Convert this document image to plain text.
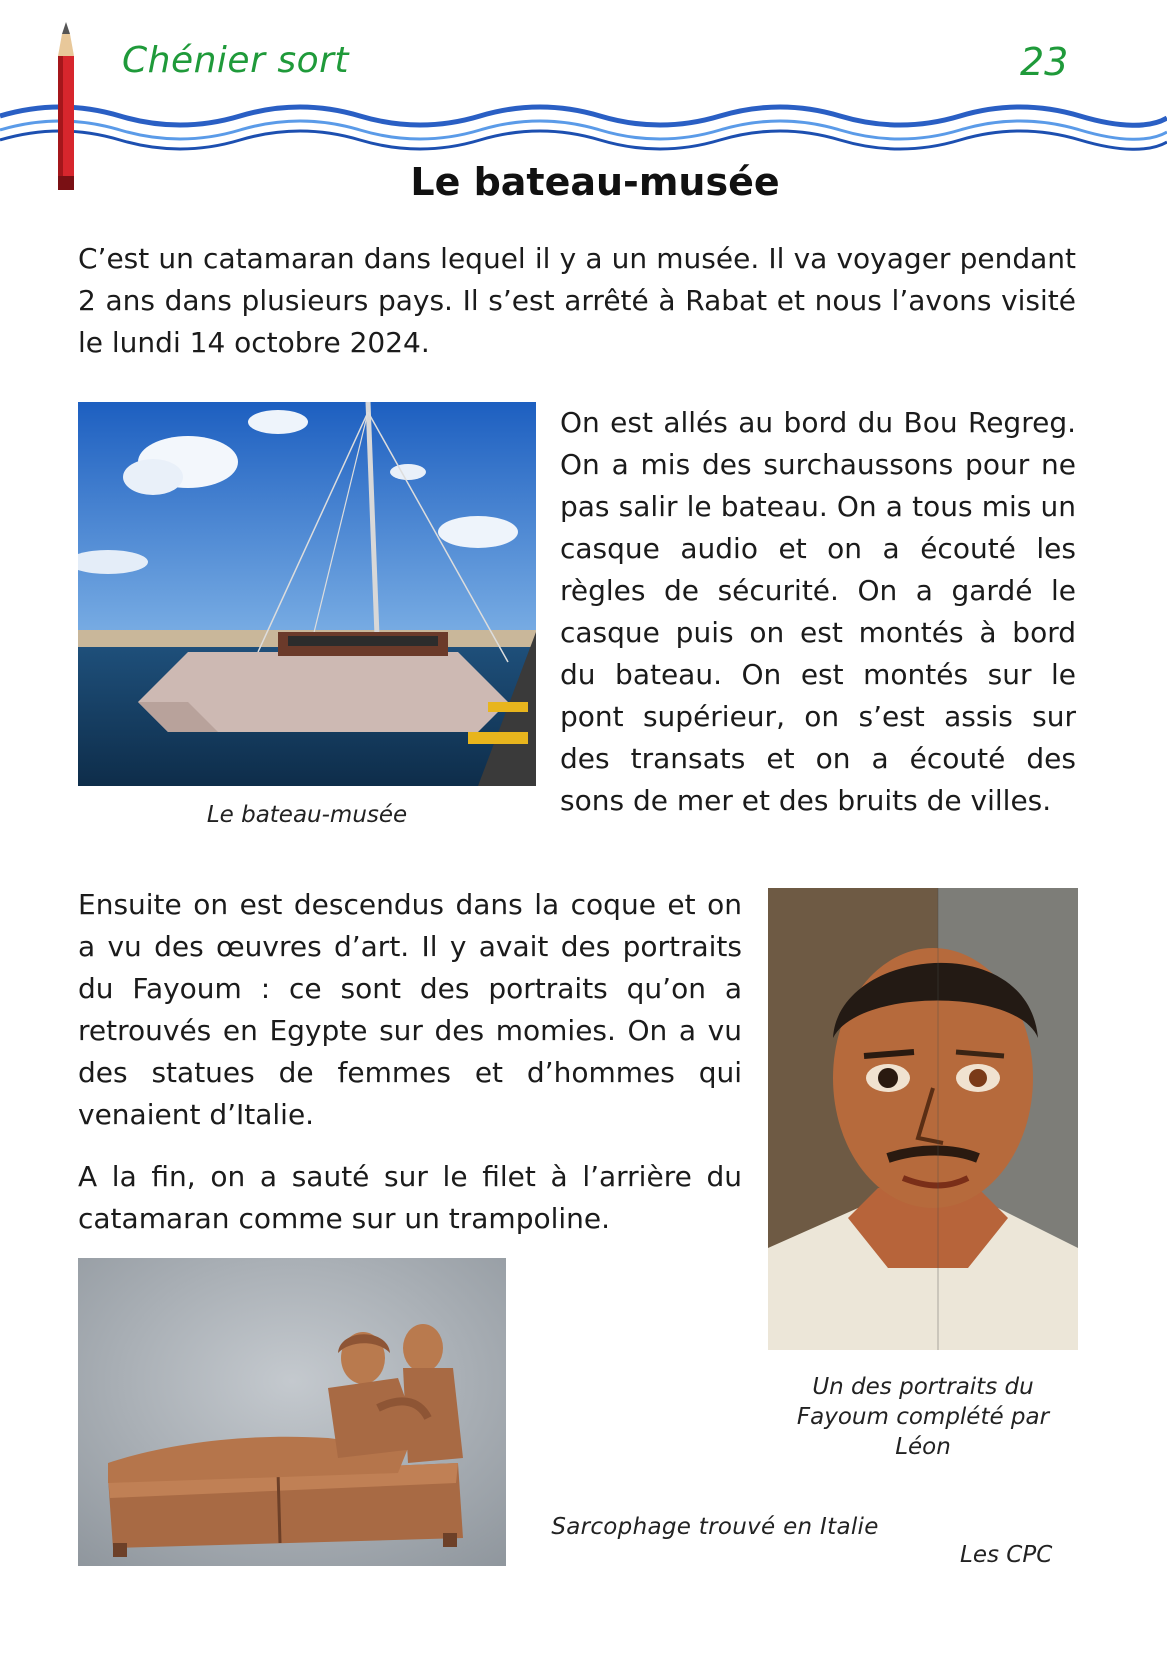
Chénier sort	23
Le bateau-musée
C’est un catamaran dans lequel il y a un musée. Il va voyager pendant 2 ans dans plusieurs pays. Il s’est arrêté à Rabat et nous l’avons visité le lundi 14 octobre 2024.
Le bateau-musée
On est allés au bord du Bou Regreg. On a mis des surchaussons pour ne pas salir le bateau. On a tous mis un casque audio et on a écouté les règles de sécurité. On a gardé le casque puis on est montés à bord du bateau. On est montés sur le pont supérieur, on s’est assis sur des transats et on a écouté des sons de mer et des bruits de villes.
Ensuite on est descendus dans la coque et on a vu des œuvres d’art. Il y avait des portraits du Fayoum : ce sont des portraits qu’on a retrouvés en Egypte sur des momies. On a vu des statues de femmes et d’hommes qui venaient d’Italie.
A la fin, on a sauté sur le filet à l’arrière du catamaran comme sur un trampoline.
Un des portraits du
Fayoum complété par
Léon
Sarcophage trouvé en Italie
Les CPC
